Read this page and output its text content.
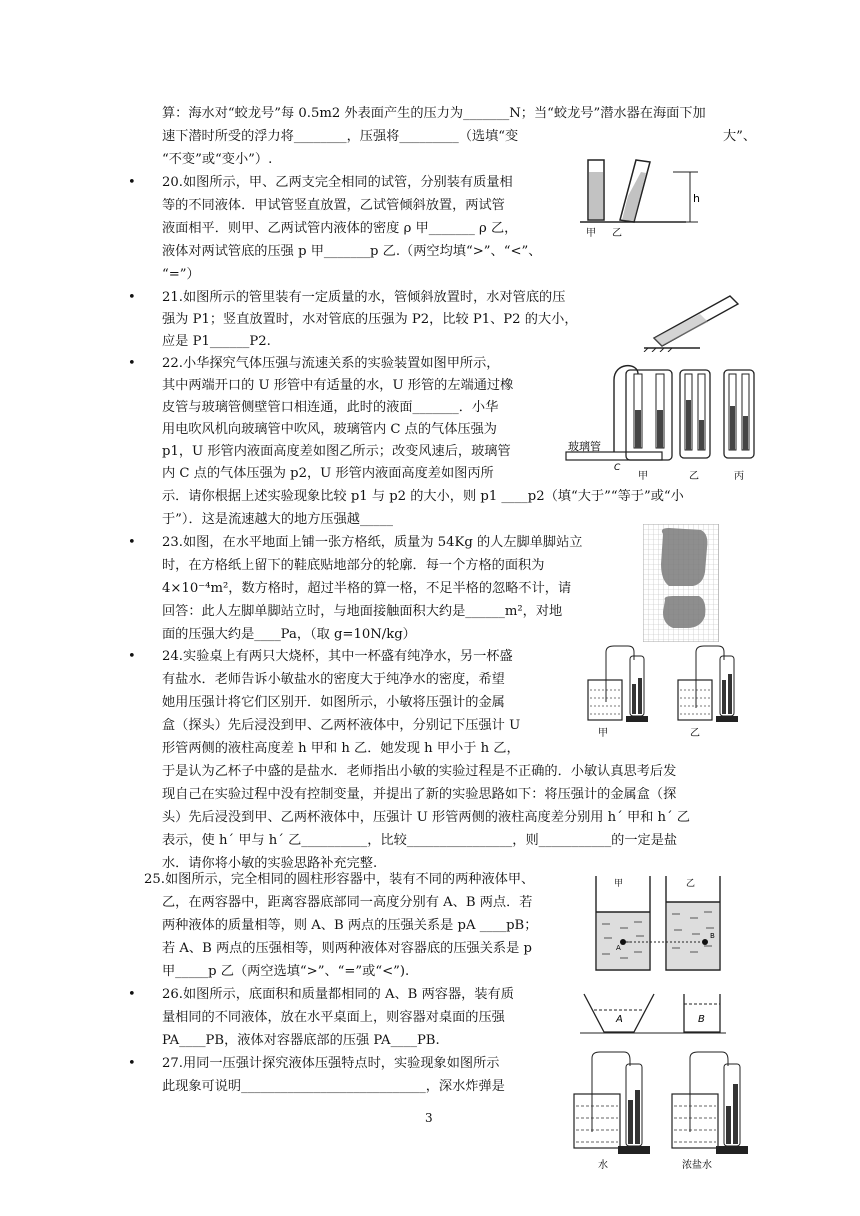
算：海水对“蛟龙号”每 0.5m2 外表面产生的压力为_______N；当“蛟龙号”潜水器在海面下加
速下潜时所受的浮力将________，压强将_________（选填“变	大”、
“不变”或“变小”）.
• 20.如图所示，甲、乙两支完全相同的试管，分别装有质量相
等的不同液体．甲试管竖直放置，乙试管倾斜放置，两试管
液面相平．则甲、乙两试管内液体的密度 ρ 甲_______ ρ 乙，
液体对两试管底的压强 p 甲_______p 乙.（两空均填“>”、“<”、
“=”）
h
甲 乙
• 21.如图所示的管里装有一定质量的水，管倾斜放置时，水对管底的压
强为 P1；竖直放置时，水对管底的压强为 P2，比较 P1、P2 的大小，
应是 P1______P2.
• 22.小华探究气体压强与流速关系的实验装置如图甲所示，
其中两端开口的 U 形管中有适量的水，U 形管的左端通过橡
皮管与玻璃管侧壁管口相连通，此时的液面_______．小华
用电吹风机向玻璃管中吹风，玻璃管内 C 点的气体压强为
p1，U 形管内液面高度差如图乙所示；改变风速后，玻璃管
内 C 点的气体压强为 p2，U 形管内液面高度差如图丙所
示．请你根据上述实验现象比较 p1 与 p2 的大小，则 p1 ____p2（填“大于”“等于”或“小
于”）．这是流速越大的地方压强越_____
玻璃管
C
甲	乙	丙
• 23.如图，在水平地面上铺一张方格纸，质量为 54Kg 的人左脚单脚站立
时，在方格纸上留下的鞋底贴地部分的轮廓．每一个方格的面积为
4×10⁻⁴m²，数方格时，超过半格的算一格，不足半格的忽略不计，请
回答：此人左脚单脚站立时，与地面接触面积大约是______m²，对地
面的压强大约是____Pa，（取 g=10N/kg）
• 24.实验桌上有两只大烧杯，其中一杯盛有纯净水，另一杯盛
有盐水．老师告诉小敏盐水的密度大于纯净水的密度，希望
她用压强计将它们区别开．如图所示，小敏将压强计的金属
盒（探头）先后浸没到甲、乙两杯液体中，分别记下压强计 U
形管两侧的液柱高度差 h 甲和 h 乙．她发现 h 甲小于 h 乙，
于是认为乙杯子中盛的是盐水．老师指出小敏的实验过程是不正确的．小敏认真思考后发
现自己在实验过程中没有控制变量，并提出了新的实验思路如下：将压强计的金属盒（探
头）先后浸没到甲、乙两杯液体中，压强计 U 形管两侧的液柱高度差分别用 h´ 甲和 h´ 乙
表示，使 h´ 甲与 h´ 乙__________，比较________________，则___________的一定是盐
水．请你将小敏的实验思路补充完整.
甲	乙
25.如图所示，完全相同的圆柱形容器中，装有不同的两种液体甲、
乙，在两容器中，距离容器底部同一高度分别有 A、B 两点．若
两种液体的质量相等，则 A、B 两点的压强关系是 pA ____pB；
若 A、B 两点的压强相等，则两种液体对容器底的压强关系是 p
甲_____p 乙（两空选填“>”、“=”或“<”).
甲	乙
A
B
• 26.如图所示，底面积和质量都相同的 A、B 两容器，装有质
量相同的不同液体，放在水平桌面上，则容器对桌面的压强
PA____PB，液体对容器底部的压强 PA____PB.
A	B
• 27.用同一压强计探究液体压强特点时，实验现象如图所示
此现象可说明____________________________，深水炸弹是
水	浓盐水
3
